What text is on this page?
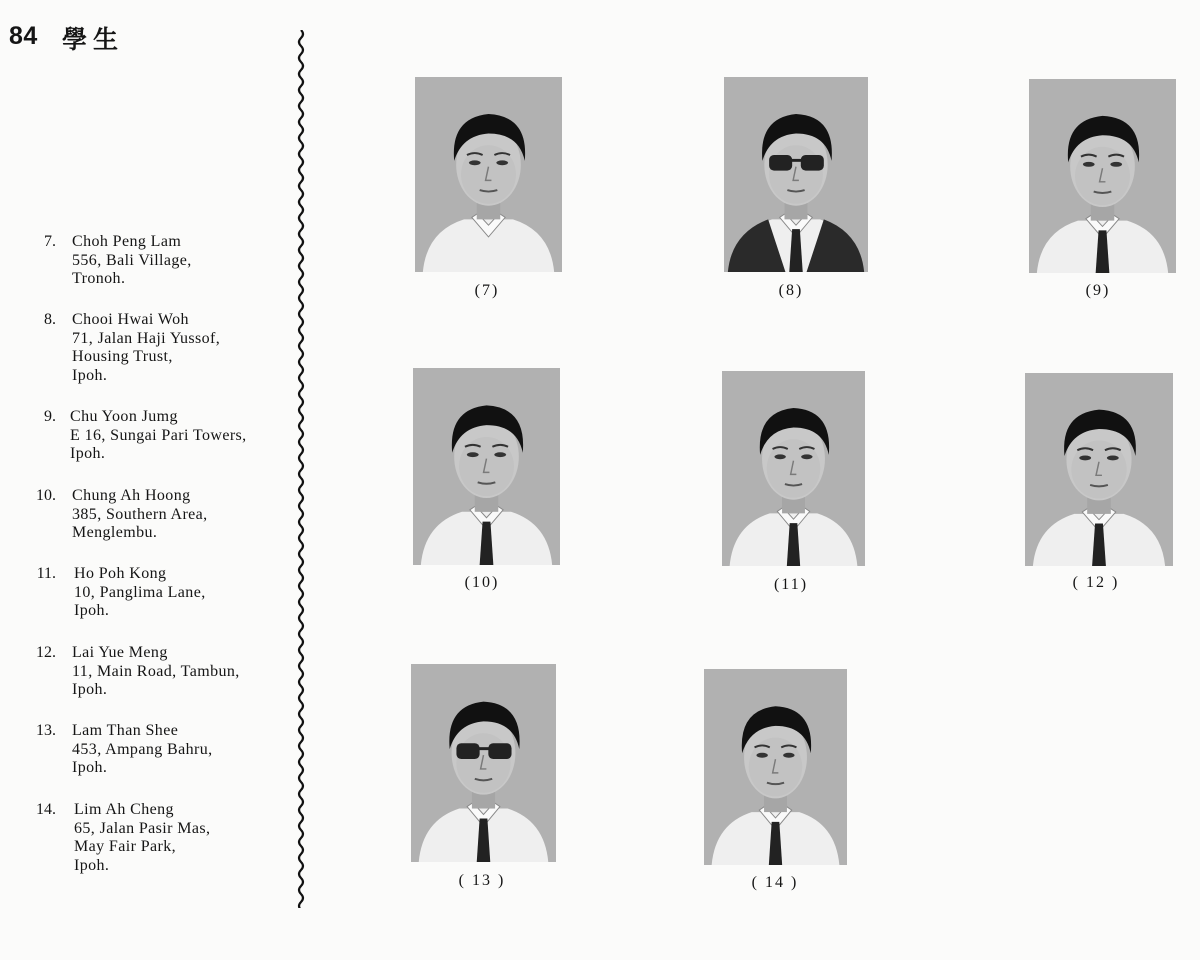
84 學生
7. Choh Peng Lam
556, Bali Village,
Tronoh.
8. Chooi Hwai Woh
71, Jalan Haji Yussof,
Housing Trust,
Ipoh.
9. Chu Yoon Jumg
E 16, Sungai Pari Towers,
Ipoh.
10. Chung Ah Hoong
385, Southern Area,
Menglembu.
11. Ho Poh Kong
10, Panglima Lane,
Ipoh.
12. Lai Yue Meng
11, Main Road, Tambun,
Ipoh.
13. Lam Than Shee
453, Ampang Bahru,
Ipoh.
14. Lim Ah Cheng
65, Jalan Pasir Mas,
May Fair Park,
Ipoh.
(7)	(8)	(9)
(10)	(11)	( 12 )
( 13 )	( 14 )
